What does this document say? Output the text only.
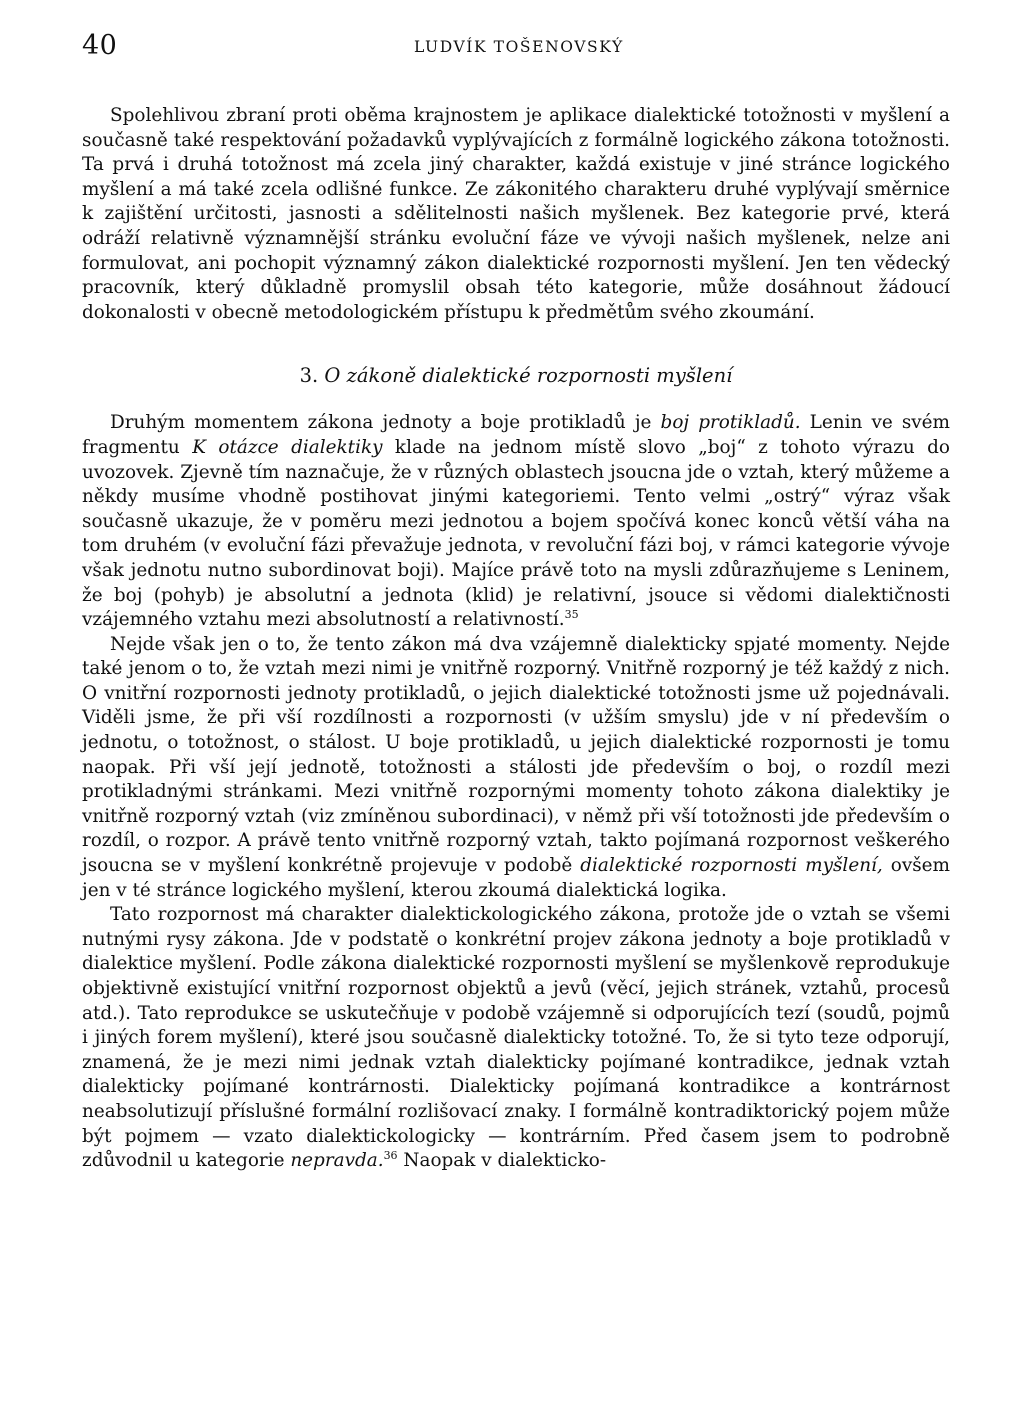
40	LUDVÍK TOŠENOVSKÝ

Spolehlivou zbraní proti oběma krajnostem je aplikace dialektické totožnosti v myšlení a současně také respektování požadavků vyplývajících z formálně logického zákona totožnosti. Ta prvá i druhá totožnost má zcela jiný charakter, každá existuje v jiné stránce logického myšlení a má také zcela odlišné funkce. Ze zákonitého charakteru druhé vyplývají směrnice k zajištění určitosti, jasnosti a sdělitelnosti našich myšlenek. Bez kategorie prvé, která odráží relativně významnější stránku evoluční fáze ve vývoji našich myšlenek, nelze ani formulovat, ani pochopit významný zákon dialektické rozpornosti myšlení. Jen ten vědecký pracovník, který důkladně promyslil obsah této kategorie, může dosáhnout žádoucí dokonalosti v obecně metodologickém přístupu k předmětům svého zkoumání.

3. O zákoně dialektické rozpornosti myšlení

Druhým momentem zákona jednoty a boje protikladů je boj protikladů. Lenin ve svém fragmentu K otázce dialektiky klade na jednom místě slovo „boj“ z tohoto výrazu do uvozovek. Zjevně tím naznačuje, že v různých oblastech jsoucna jde o vztah, který můžeme a někdy musíme vhodně postihovat jinými kategoriemi. Tento velmi „ostrý“ výraz však současně ukazuje, že v poměru mezi jednotou a bojem spočívá konec konců větší váha na tom druhém (v evoluční fázi převažuje jednota, v revoluční fázi boj, v rámci kategorie vývoje však jednotu nutno subordinovat boji). Majíce právě toto na mysli zdůrazňujeme s Leninem, že boj (pohyb) je absolutní a jednota (klid) je relativní, jsouce si vědomi dialektičnosti vzájemného vztahu mezi absolutností a relativností.$^{35}$

Nejde však jen o to, že tento zákon má dva vzájemně dialekticky spjaté momenty. Nejde také jenom o to, že vztah mezi nimi je vnitřně rozporný. Vnitřně rozporný je též každý z nich. O vnitřní rozpornosti jednoty protikladů, o jejich dialektické totožnosti jsme už pojednávali. Viděli jsme, že při vší rozdílnosti a rozpornosti (v užším smyslu) jde v ní především o jednotu, o totožnost, o stálost. U boje protikladů, u jejich dialektické rozpornosti je tomu naopak. Při vší její jednotě, totožnosti a stálosti jde především o boj, o rozdíl mezi protikladnými stránkami. Mezi vnitřně rozpornými momenty tohoto zákona dialektiky je vnitřně rozporný vztah (viz zmíněnou subordinaci), v němž při vší totožnosti jde především o rozdíl, o rozpor. A právě tento vnitřně rozporný vztah, takto pojímaná rozpornost veškerého jsoucna se v myšlení konkrétně projevuje v podobě dialektické rozpornosti myšlení, ovšem jen v té stránce logického myšlení, kterou zkoumá dialektická logika.

Tato rozpornost má charakter dialektickologického zákona, protože jde o vztah se všemi nutnými rysy zákona. Jde v podstatě o konkrétní projev zákona jednoty a boje protikladů v dialektice myšlení. Podle zákona dialektické rozpornosti myšlení se myšlenkově reprodukuje objektivně existující vnitřní rozpornost objektů a jevů (věcí, jejich stránek, vztahů, procesů atd.). Tato reprodukce se uskutečňuje v podobě vzájemně si odporujících tezí (soudů, pojmů i jiných forem myšlení), které jsou současně dialekticky totožné. To, že si tyto teze odporují, znamená, že je mezi nimi jednak vztah dialekticky pojímané kontradikce, jednak vztah dialekticky pojímané kontrárnosti. Dialekticky pojímaná kontradikce a kontrárnost neabsolutizují příslušné formální rozlišovací znaky. I formálně kontradiktorický pojem může být pojmem — vzato dialektickologicky — kontrárním. Před časem jsem to podrobně zdůvodnil u kategorie nepravda.$^{36}$ Naopak v dialekticko-
